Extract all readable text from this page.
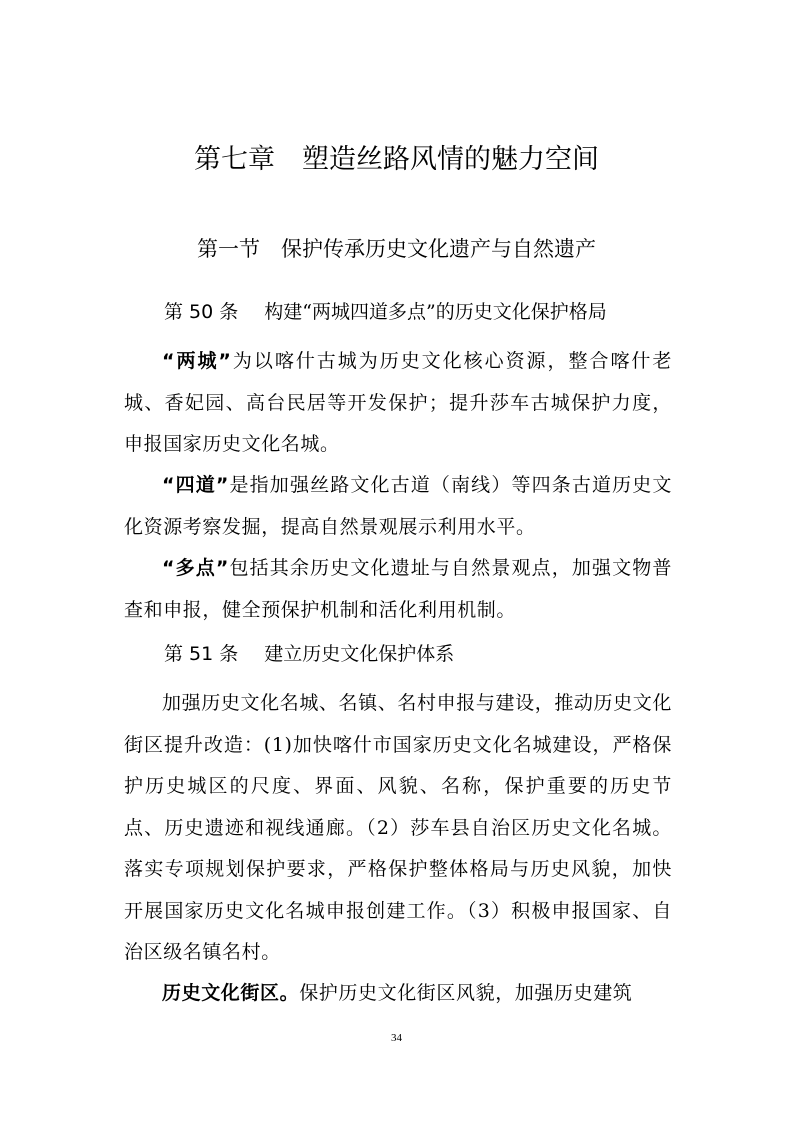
第七章　塑造丝路风情的魅力空间
第一节　保护传承历史文化遗产与自然遗产
第 50 条 构建“两城四道多点”的历史文化保护格局
“两城”为以喀什古城为历史文化核心资源，整合喀什老城、香妃园、高台民居等开发保护；提升莎车古城保护力度，申报国家历史文化名城。
“四道”是指加强丝路文化古道（南线）等四条古道历史文化资源考察发掘，提高自然景观展示利用水平。
“多点”包括其余历史文化遗址与自然景观点，加强文物普查和申报，健全预保护机制和活化利用机制。
第 51 条 建立历史文化保护体系
加强历史文化名城、名镇、名村申报与建设，推动历史文化街区提升改造：(1)加快喀什市国家历史文化名城建设，严格保护历史城区的尺度、界面、风貌、名称，保护重要的历史节点、历史遗迹和视线通廊。（2）莎车县自治区历史文化名城。落实专项规划保护要求，严格保护整体格局与历史风貌，加快开展国家历史文化名城申报创建工作。（3）积极申报国家、自治区级名镇名村。
历史文化街区。保护历史文化街区风貌，加强历史建筑
34
